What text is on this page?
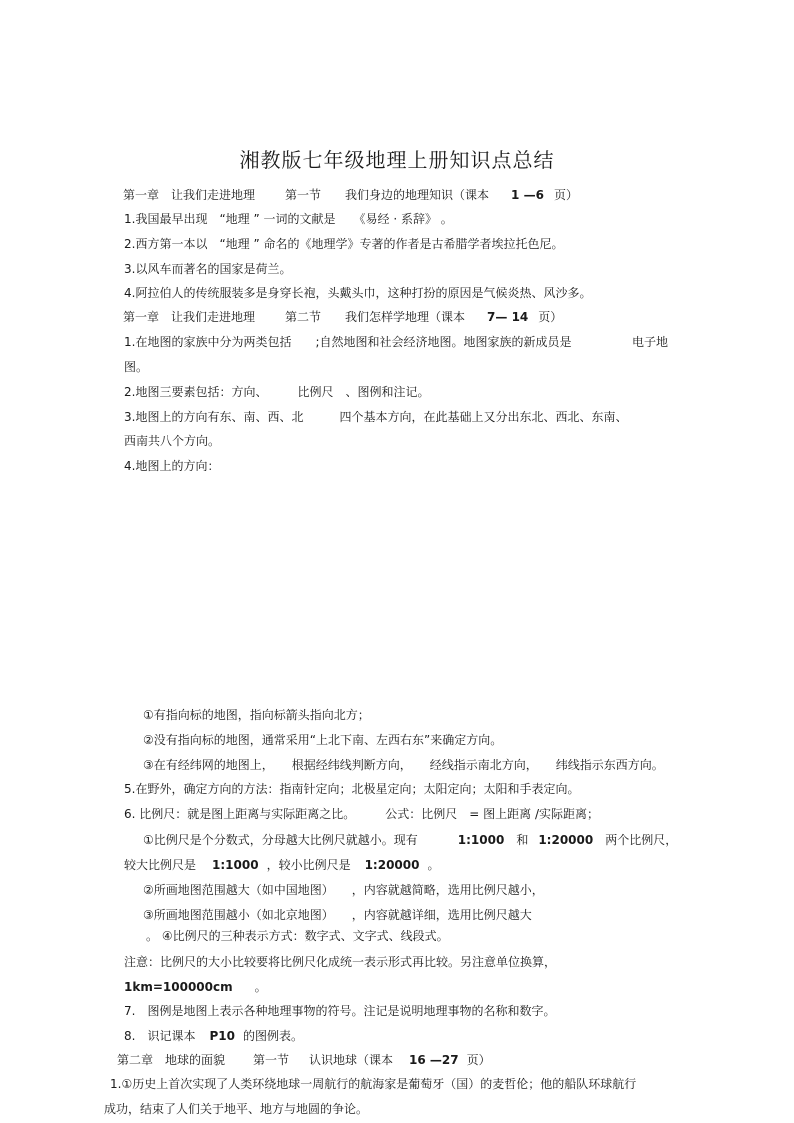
湘教版七年级地理上册知识点总结
第一章　让我们走进地理	第一节 我们身边的地理知识（课本 1 —6 页）
1.我国最早出现　“地理 ” 一词的文献是　　《易经 · 系辞》 。
2.西方第一本以　“地理 ” 命名的《地理学》专著的作者是古希腊学者埃拉托色尼。
3.以风车而著名的国家是荷兰。
4.阿拉伯人的传统服装多是身穿长袍，头戴头巾，这种打扮的原因是气候炎热、风沙多。
第一章　让我们走进地理	第二节 我们怎样学地理（课本 7— 14 页）
1.在地图的家族中分为两类包括　　;自然地图和社会经济地图。地图家族的新成员是	电子地
图。
2.地图三要素包括：方向、　　　比例尺　、图例和注记。
3.地图上的方向有东、南、西、北　　　四个基本方向，在此基础上又分出东北、西北、东南、
西南共八个方向。
4.地图上的方向：
①有指向标的地图，指向标箭头指向北方；
②没有指向标的地图，通常采用“上北下南、左西右东”来确定方向。
③在有经纬网的地图上，　　根据经纬线判断方向，　　经线指示南北方向，　　纬线指示东西方向。
5.在野外，确定方向的方法：指南针定向；北极星定向；太阳定向；太阳和手表定向。
6. 比例尺：就是图上距离与实际距离之比。　　　公式：比例尺　= 图上距离 /实际距离；
①比例尺是个分数式，分母越大比例尺就越小。现有	1:1000 和 1:20000 两个比例尺，
较大比例尺是 1:1000 ，较小比例尺是 1:20000 。
②所画地图范围越大（如中国地图）　　，内容就越简略，选用比例尺越小，
③所画地图范围越小（如北京地图）　　，内容就越详细，选用比例尺越大
。 ④比例尺的三种表示方式：数字式、文字式、线段式。
注意：比例尺的大小比较要将比例尺化成统一表示形式再比较。另注意单位换算，
1km=100000cm 。
7.　图例是地图上表示各种地理事物的符号。注记是说明地理事物的名称和数字。
8.　识记课本 P10 的图例表。
第二章　地球的面貌 第一节 认识地球（课本 16 —27 页）
1.①历史上首次实现了人类环绕地球一周航行的航海家是葡萄牙（国）的麦哲伦；他的船队环球航行
成功，结束了人们关于地平、地方与地圆的争论。
